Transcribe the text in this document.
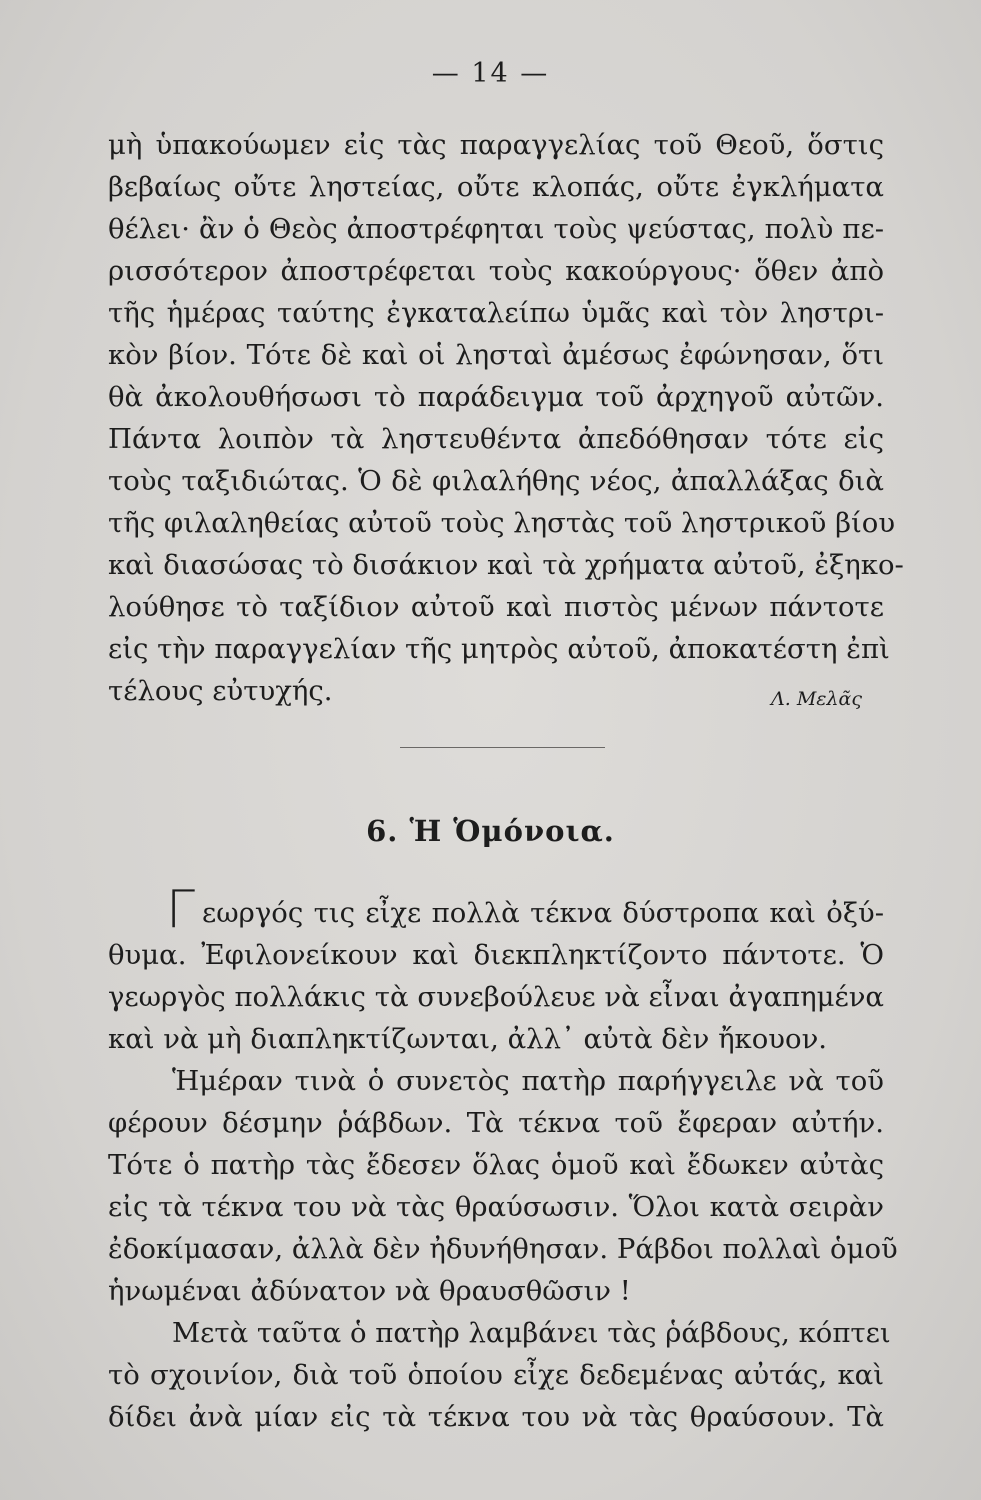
— 14 —
μὴ ὑπακούωμεν εἰς τὰς παραγγελίας τοῦ Θεοῦ, ὅστις
βεβαίως οὔτε ληστείας, οὔτε κλοπάς, οὔτε ἐγκλήματα
θέλει· ἂν ὁ Θεὸς ἀποστρέφηται τοὺς ψεύστας, πολὺ πε-
ρισσότερον ἀποστρέφεται τοὺς κακούργους· ὅθεν ἀπὸ
τῆς ἡμέρας ταύτης ἐγκαταλείπω ὑμᾶς καὶ τὸν ληστρι-
κὸν βίον. Τότε δὲ καὶ οἱ λησταὶ ἀμέσως ἐφώνησαν, ὅτι
θὰ ἀκολουθήσωσι τὸ παράδειγμα τοῦ ἀρχηγοῦ αὐτῶν.
Πάντα λοιπὸν τὰ ληστευθέντα ἀπεδόθησαν τότε εἰς
τοὺς ταξιδιώτας. Ὁ δὲ φιλαλήθης νέος, ἀπαλλάξας διὰ
τῆς φιλαληθείας αὐτοῦ τοὺς ληστὰς τοῦ ληστρικοῦ βίου
καὶ διασώσας τὸ δισάκιον καὶ τὰ χρήματα αὐτοῦ, ἐξηκο-
λούθησε τὸ ταξίδιον αὐτοῦ καὶ πιστὸς μένων πάντοτε
εἰς τὴν παραγγελίαν τῆς μητρὸς αὐτοῦ, ἀποκατέστη ἐπὶ
τέλους εὐτυχής.	Λ. Μελᾶς
6. Ἡ Ὁμόνοια.
Γ εωργός τις εἶχε πολλὰ τέκνα δύστροπα καὶ ὀξύ-
θυμα. Ἐφιλονείκουν καὶ διεκπληκτίζοντο πάντοτε. Ὁ
γεωργὸς πολλάκις τὰ συνεβούλευε νὰ εἶναι ἀγαπημένα
καὶ νὰ μὴ διαπληκτίζωνται, ἀλλ᾽ αὐτὰ δὲν ἤκουον.
Ἡμέραν τινὰ ὁ συνετὸς πατὴρ παρήγγειλε νὰ τοῦ
φέρουν δέσμην ῥάβδων. Τὰ τέκνα τοῦ ἔφεραν αὐτήν.
Τότε ὁ πατὴρ τὰς ἔδεσεν ὅλας ὁμοῦ καὶ ἔδωκεν αὐτὰς
εἰς τὰ τέκνα του νὰ τὰς θραύσωσιν. Ὅλοι κατὰ σειρὰν
ἐδοκίμασαν, ἀλλὰ δὲν ἠδυνήθησαν. Ράβδοι πολλαὶ ὁμοῦ
ἡνωμέναι ἀδύνατον νὰ θραυσθῶσιν !
Μετὰ ταῦτα ὁ πατὴρ λαμβάνει τὰς ῥάβδους, κόπτει
τὸ σχοινίον, διὰ τοῦ ὁποίου εἶχε δεδεμένας αὐτάς, καὶ
δίδει ἀνὰ μίαν εἰς τὰ τέκνα του νὰ τὰς θραύσουν. Τὰ
